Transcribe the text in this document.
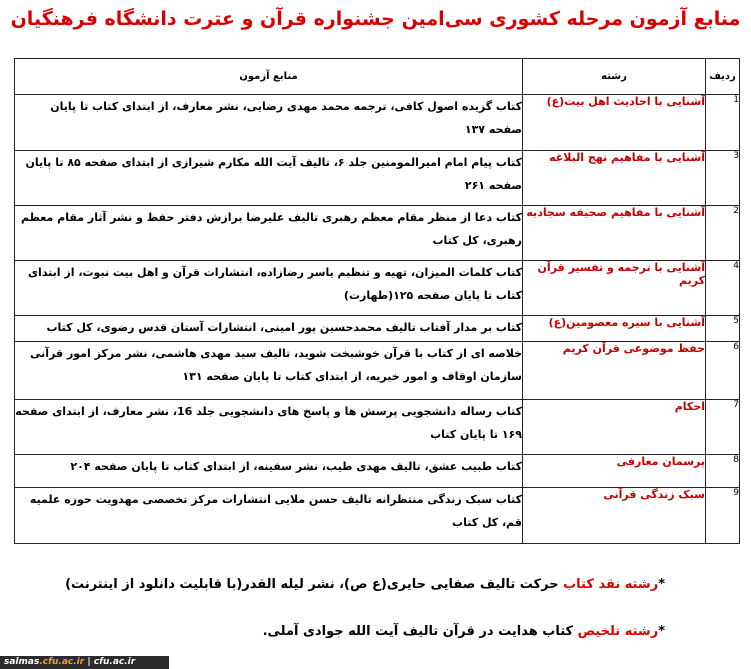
منابع آزمون مرحله کشوری سی‌امین جشنواره قرآن و عترت دانشگاه فرهنگیان
ردیف	رشته	منابع آزمون
1	آشنایی با احادیث اهل بیت(ع)	کتاب گزیده اصول کافی، ترجمه محمد مهدی رضایی، نشر معارف، از ابتدای کتاب تا پایان صفحه ۱۳۷
3	آشنایی با مفاهیم نهج البلاغه	کتاب پیام امام امیرالمومنین جلد ۶، تالیف آیت الله مکارم شیرازی از ابتدای صفحه ۸۵ تا پایان صفحه ۲۶۱
2	آشنایی با مفاهیم صحیفه سجادیه	کتاب دعا از منظر مقام معظم رهبری تالیف علیرضا برازش دفتر حفظ و نشر آثار مقام معظم رهبری، کل کتاب
4	آشنایی با ترجمه و تفسیر قرآن کریم	کتاب کلمات المیزان، تهیه و تنظیم یاسر رضازاده، انتشارات قرآن و اهل بیت نبوت، از ابتدای کتاب تا پایان صفحه ۱۲۵(طهارت)
5	آشنایی با سیره معصومین(ع)	کتاب بر مدار آفتاب تالیف محمدحسین پور امینی، انتشارات آستان قدس رضوی، کل کتاب
6	حفظ موضوعی قرآن کریم	خلاصه ای از کتاب با قرآن خوشبخت شوید، تالیف سید مهدی هاشمی، نشر مرکز امور قرآنی سازمان اوقاف و امور خیریه، از ابتدای کتاب تا پایان صفحه ۱۳۱
7	احکام	کتاب رساله دانشجویی پرسش ها و پاسخ های دانشجویی جلد 16، نشر معارف، از ابتدای صفحه ۱۶۹ تا پایان کتاب
8	پرسمان معارفی	کتاب طبیب عشق، تالیف مهدی طیب، نشر سفینه، از ابتدای کتاب تا پایان صفحه ۲۰۴
9	سبک زندگی قرآنی	کتاب سبک زندگی منتظرانه تالیف حسن ملایی انتشارات مرکز تخصصی مهدویت حوزه علمیه قم، کل کتاب
*رشته نقد کتاب حرکت تالیف صفایی حایری(ع ص)، نشر لیله القدر(با قابلیت دانلود از اینترنت)
*رشته تلخیص کتاب هدایت در قرآن تالیف آیت الله جوادی آملی.
salmas.cfu.ac.ir | cfu.ac.ir
